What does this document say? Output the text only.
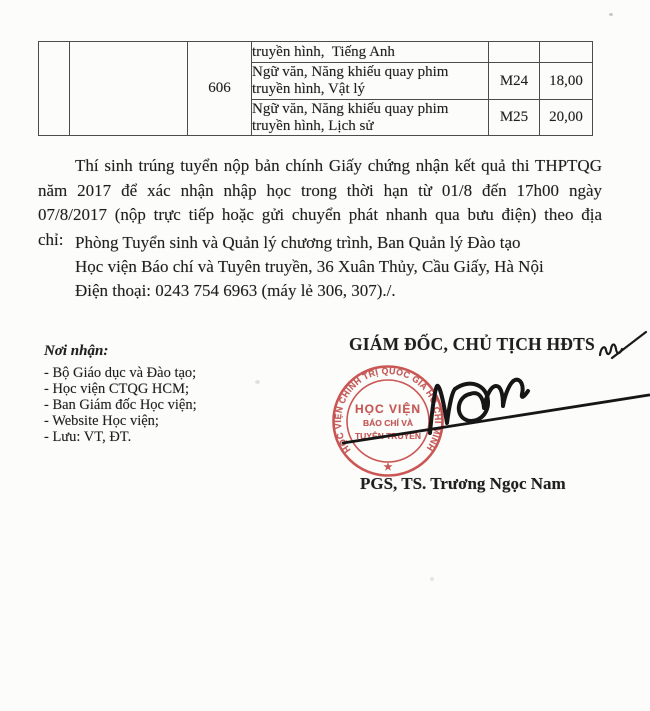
		606	truyền hình,  Tiếng Anh		
			Ngữ văn, Năng khiếu quay phim truyền hình, Vật lý	M24	18,00
			Ngữ văn, Năng khiếu quay phim truyền hình, Lịch sử	M25	20,00
Thí sinh trúng tuyển nộp bản chính Giấy chứng nhận kết quả thi THPTQG năm 2017 để xác nhận nhập học trong thời hạn từ 01/8 đến 17h00 ngày 07/8/2017 (nộp trực tiếp hoặc gửi chuyển phát nhanh qua bưu điện) theo địa chỉ: Phòng Tuyển sinh và Quản lý chương trình, Ban Quản lý Đào tạo
Học viện Báo chí và Tuyên truyền, 36 Xuân Thủy, Cầu Giấy, Hà Nội
Điện thoại: 0243 754 6963 (máy lẻ 306, 307)./.
Nơi nhận:
- Bộ Giáo dục và Đào tạo;
- Học viện CTQG HCM;
- Ban Giám đốc Học viện;
- Website Học viện;
- Lưu: VT, ĐT.
GIÁM ĐỐC, CHỦ TỊCH HĐTS
HỌC VIỆN CHÍNH TRỊ QUỐC GIA HỒ CHÍ MINH
★
HỌC VIỆN
BÁO CHÍ VÀ
TUYÊN TRUYỀN
PGS, TS. Trương Ngọc Nam
